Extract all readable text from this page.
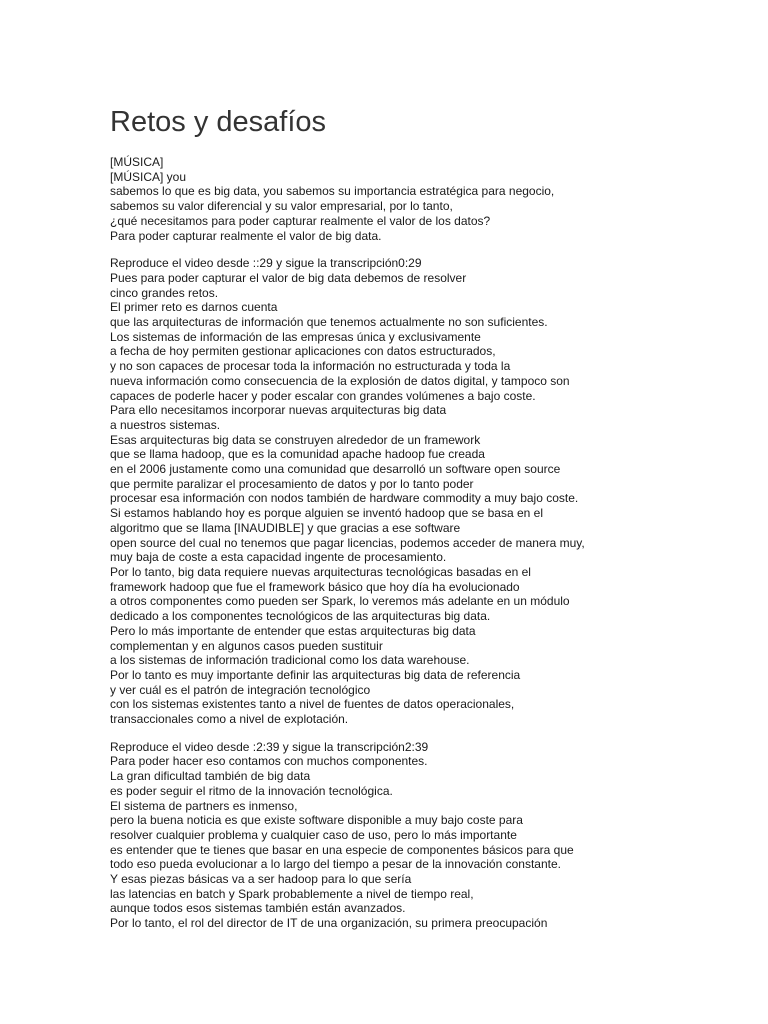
Retos y desafíos
[MÚSICA]
[MÚSICA] you
sabemos lo que es big data, you sabemos su importancia estratégica para negocio,
sabemos su valor diferencial y su valor empresarial, por lo tanto,
¿qué necesitamos para poder capturar realmente el valor de los datos?
Para poder capturar realmente el valor de big data.
Reproduce el video desde ::29 y sigue la transcripción0:29
Pues para poder capturar el valor de big data debemos de resolver
cinco grandes retos.
El primer reto es darnos cuenta
que las arquitecturas de información que tenemos actualmente no son suficientes.
Los sistemas de información de las empresas única y exclusivamente
a fecha de hoy permiten gestionar aplicaciones con datos estructurados,
y no son capaces de procesar toda la información no estructurada y toda la
nueva información como consecuencia de la explosión de datos digital, y tampoco son
capaces de poderle hacer y poder escalar con grandes volúmenes a bajo coste.
Para ello necesitamos incorporar nuevas arquitecturas big data
a nuestros sistemas.
Esas arquitecturas big data se construyen alrededor de un framework
que se llama hadoop, que es la comunidad apache hadoop fue creada
en el 2006 justamente como una comunidad que desarrolló un software open source
que permite paralizar el procesamiento de datos y por lo tanto poder
procesar esa información con nodos también de hardware commodity a muy bajo coste.
Si estamos hablando hoy es porque alguien se inventó hadoop que se basa en el
algoritmo que se llama [INAUDIBLE] y que gracias a ese software
open source del cual no tenemos que pagar licencias, podemos acceder de manera muy,
muy baja de coste a esta capacidad ingente de procesamiento.
Por lo tanto, big data requiere nuevas arquitecturas tecnológicas basadas en el
framework hadoop que fue el framework básico que hoy día ha evolucionado
a otros componentes como pueden ser Spark, lo veremos más adelante en un módulo
dedicado a los componentes tecnológicos de las arquitecturas big data.
Pero lo más importante de entender que estas arquitecturas big data
complementan y en algunos casos pueden sustituir
a los sistemas de información tradicional como los data warehouse.
Por lo tanto es muy importante definir las arquitecturas big data de referencia
y ver cuál es el patrón de integración tecnológico
con los sistemas existentes tanto a nivel de fuentes de datos operacionales,
transaccionales como a nivel de explotación.
Reproduce el video desde :2:39 y sigue la transcripción2:39
Para poder hacer eso contamos con muchos componentes.
La gran dificultad también de big data
es poder seguir el ritmo de la innovación tecnológica.
El sistema de partners es inmenso,
pero la buena noticia es que existe software disponible a muy bajo coste para
resolver cualquier problema y cualquier caso de uso, pero lo más importante
es entender que te tienes que basar en una especie de componentes básicos para que
todo eso pueda evolucionar a lo largo del tiempo a pesar de la innovación constante.
Y esas piezas básicas va a ser hadoop para lo que sería
las latencias en batch y Spark probablemente a nivel de tiempo real,
aunque todos esos sistemas también están avanzados.
Por lo tanto, el rol del director de IT de una organización, su primera preocupación
